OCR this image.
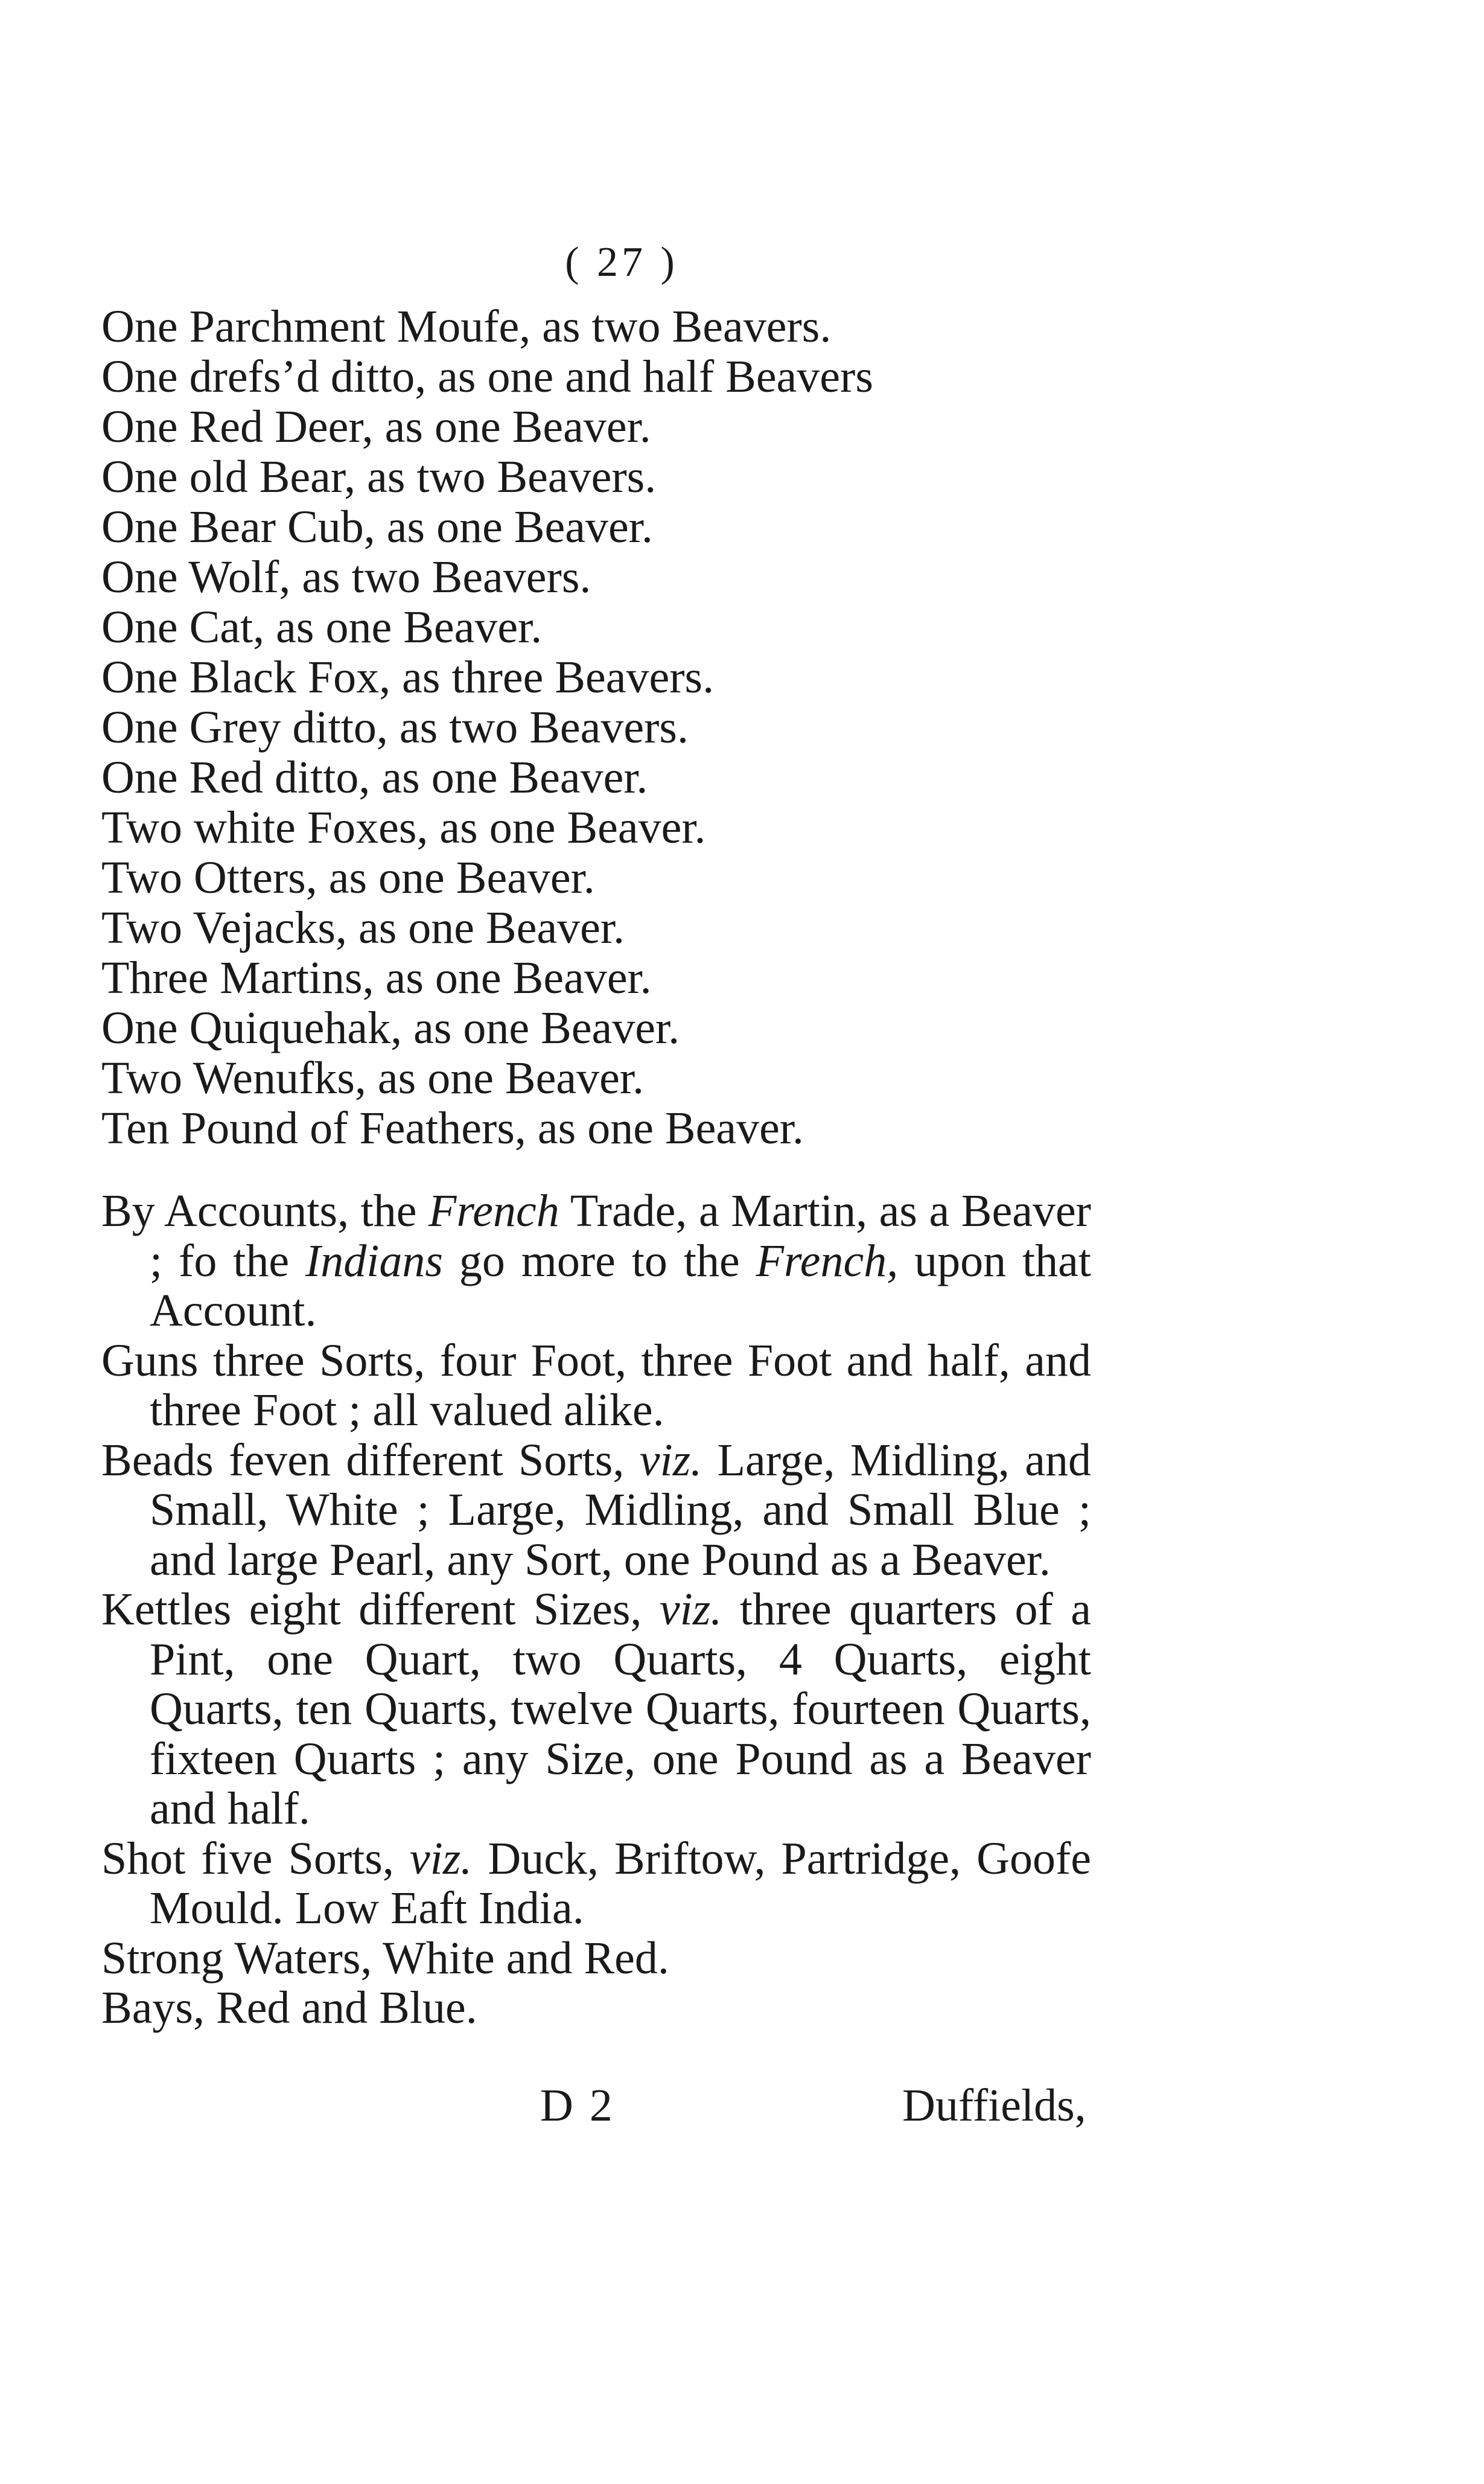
( 27 )
One Parchment Moufe, as two Beavers.
One drefs’d ditto, as one and half Beavers
One Red Deer, as one Beaver.
One old Bear, as two Beavers.
One Bear Cub, as one Beaver.
One Wolf, as two Beavers.
One Cat, as one Beaver.
One Black Fox, as three Beavers.
One Grey ditto, as two Beavers.
One Red ditto, as one Beaver.
Two white Foxes, as one Beaver.
Two Otters, as one Beaver.
Two Vejacks, as one Beaver.
Three Martins, as one Beaver.
One Quiquehak, as one Beaver.
Two Wenufks, as one Beaver.
Ten Pound of Feathers, as one Beaver.
By Accounts, the French Trade, a Martin, as a Beaver ; fo the Indians go more to the French, upon that Account.
Guns three Sorts, four Foot, three Foot and half, and three Foot ; all valued alike.
Beads feven different Sorts, viz. Large, Midling, and Small, White ; Large, Midling, and Small Blue ; and large Pearl, any Sort, one Pound as a Beaver.
Kettles eight different Sizes, viz. three quarters of a Pint, one Quart, two Quarts, 4 Quarts, eight Quarts, ten Quarts, twelve Quarts, fourteen Quarts, fixteen Quarts ; any Size, one Pound as a Beaver and half.
Shot five Sorts, viz. Duck, Briftow, Partridge, Goofe Mould. Low Eaft India.
Strong Waters, White and Red.
Bays, Red and Blue.
D 2	Duffields,
